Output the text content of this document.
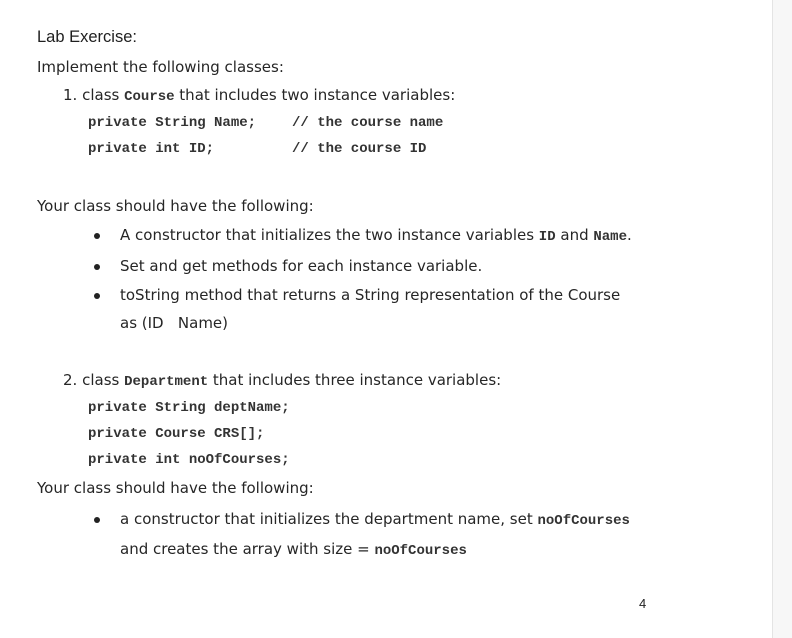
Lab Exercise:
Implement the following classes:
1. class Course that includes two instance variables:
private String Name;	// the course name
private int ID;	// the course ID
Your class should have the following:
A constructor that initializes the two instance variables ID and Name.
Set and get methods for each instance variable.
toString method that returns a String representation of the Course
as (ID   Name)
2. class Department that includes three instance variables:
private String deptName;
private Course CRS[];
private int noOfCourses;
Your class should have the following:
a constructor that initializes the department name, set noOfCourses
and creates the array with size = noOfCourses
4
